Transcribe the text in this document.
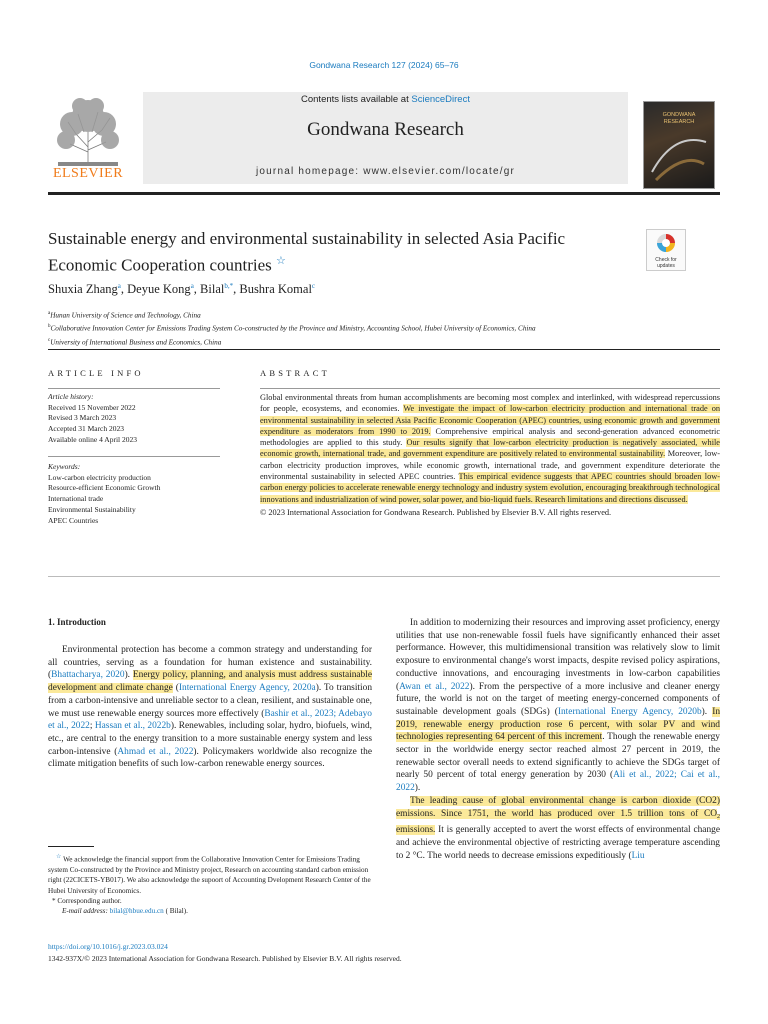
Gondwana Research 127 (2024) 65–76
ELSEVIER
Contents lists available at ScienceDirect
Gondwana Research
journal homepage: www.elsevier.com/locate/gr
GONDWANA RESEARCH
Sustainable energy and environmental sustainability in selected Asia Pacific Economic Cooperation countries ☆	Check for updates
Shuxia Zhang$^a$, Deyue Kong$^a$, Bilal$^{b,*}$, Bushra Komal$^c$
$^a$Hunan University of Science and Technology, China
$^b$Collaborative Innovation Center for Emissions Trading System Co-constructed by the Province and Ministry, Accounting School, Hubei University of Economics, China
$^c$University of International Business and Economics, China
ARTICLE INFO	ABSTRACT
Article history:
Received 15 November 2022
Revised 3 March 2023
Accepted 31 March 2023
Available online 4 April 2023
Keywords:
Low-carbon electricity production
Resource-efficient Economic Growth
International trade
Environmental Sustainability
APEC Countries
Global environmental threats from human accomplishments are becoming most complex and interlinked, with widespread repercussions for people, ecosystems, and economies. We investigate the impact of low-carbon electricity production and international trade on environmental sustainability in selected Asia Pacific Economic Cooperation (APEC) countries, using economic growth and government expenditure as moderators from 1990 to 2019. Comprehensive empirical analysis and second-generation advanced econometric methodologies are applied to this study. Our results signify that low-carbon electricity production is negatively associated, while economic growth, international trade, and government expenditure are positively related to environmental sustainability. Moreover, low-carbon electricity production improves, while economic growth, international trade, and government expenditure deteriorate the environmental sustainability in selected APEC countries. This empirical evidence suggests that APEC countries should broaden low-carbon energy policies to accelerate renewable energy technology and industry system evolution, encouraging breakthrough technological innovations and industrialization of wind power, solar power, and bio-liquid fuels. Research limitations and directions discussed.
© 2023 International Association for Gondwana Research. Published by Elsevier B.V. All rights reserved.
1. Introduction

Environmental protection has become a common strategy and understanding for all countries, serving as a foundation for human existence and sustainability. (Bhattacharya, 2020). Energy policy, planning, and analysis must address sustainable development and climate change (International Energy Agency, 2020a). To transition from a carbon-intensive and unreliable sector to a clean, resilient, and sustainable one, we must use renewable energy sources more effectively (Bashir et al., 2023; Adebayo et al., 2022; Hassan et al., 2022b). Renewables, including solar, hydro, biofuels, wind, etc., are central to the energy transition to a more sustainable energy system and less carbon-intensive (Ahmad et al., 2022). Policymakers worldwide also recognize the climate mitigation benefits of such low-carbon renewable energy sources.

In addition to modernizing their resources and improving asset proficiency, energy utilities that use non-renewable fossil fuels have significantly enhanced their asset performance. However, this multidimensional transition was relatively slow to limit exposure to environmental change's worst impacts, despite revised policy aspirations, conductive innovations, and encouraging investments in low-carbon capabilities (Awan et al., 2022). From the perspective of a more inclusive and cleaner energy future, the world is not on the target of meeting energy-concerned components of sustainable development goals (SDGs) (International Energy Agency, 2020b). In 2019, renewable energy production rose 6 percent, with solar PV and wind technologies representing 64 percent of this increment. Though the renewable energy sector in the worldwide energy sector reached almost 27 percent in 2019, the renewable sector overall needs to extend significantly to achieve the SDGs target of nearly 50 percent of total energy generation by 2030 (Ali et al., 2022; Cai et al., 2022).

The leading cause of global environmental change is carbon dioxide (CO2) emissions. Since 1751, the world has produced over 1.5 trillion tons of $CO_2$ emissions. It is generally accepted to avert the worst effects of environmental change and achieve the environmental objective of restricting average temperature ascending to 2 °C. The world needs to decrease emissions expeditiously (Liu

☆ We acknowledge the financial support from the Collaborative Innovation Center for Emissions Trading system Co-constructed by the Province and Ministry project, Research on accounting standard carbon emission right (22CICETS-YB017). We also acknowledge the supoort of Accounting Dvelopment Research Center of the Hubei University of Economics.
* Corresponding author.
E-mail address: bilal@hbue.edu.cn ( Bilal).
https://doi.org/10.1016/j.gr.2023.03.024
1342-937X/© 2023 International Association for Gondwana Research. Published by Elsevier B.V. All rights reserved.
